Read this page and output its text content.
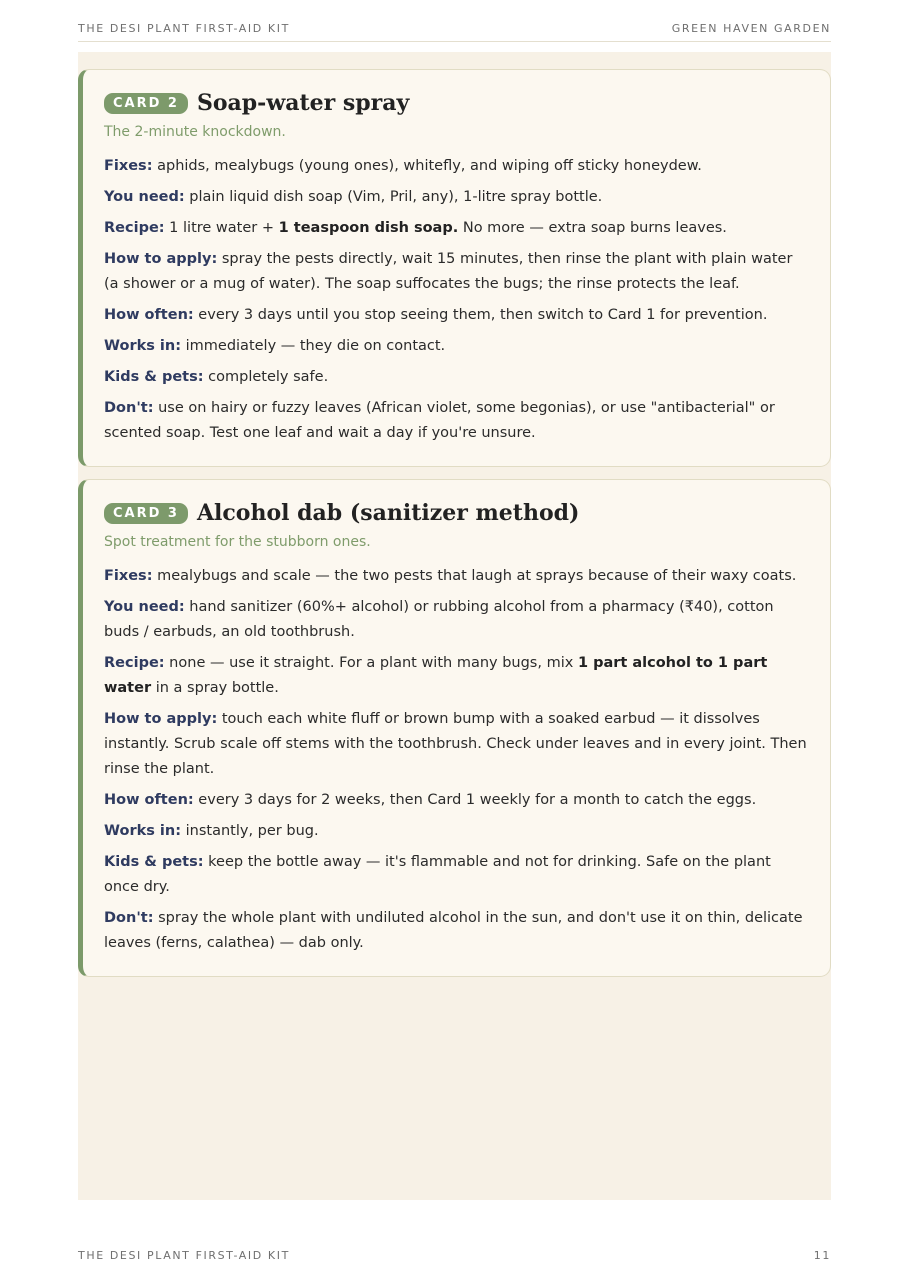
THE DESI PLANT FIRST-AID KIT	GREEN HAVEN GARDEN
CARD 2 Soap-water spray
The 2-minute knockdown.
Fixes: aphids, mealybugs (young ones), whitefly, and wiping off sticky honeydew.
You need: plain liquid dish soap (Vim, Pril, any), 1-litre spray bottle.
Recipe: 1 litre water + 1 teaspoon dish soap. No more — extra soap burns leaves.
How to apply: spray the pests directly, wait 15 minutes, then rinse the plant with plain water (a shower or a mug of water). The soap suffocates the bugs; the rinse protects the leaf.
How often: every 3 days until you stop seeing them, then switch to Card 1 for prevention.
Works in: immediately — they die on contact.
Kids & pets: completely safe.
Don't: use on hairy or fuzzy leaves (African violet, some begonias), or use "antibacterial" or scented soap. Test one leaf and wait a day if you're unsure.
CARD 3 Alcohol dab (sanitizer method)
Spot treatment for the stubborn ones.
Fixes: mealybugs and scale — the two pests that laugh at sprays because of their waxy coats.
You need: hand sanitizer (60%+ alcohol) or rubbing alcohol from a pharmacy (₹40), cotton buds / earbuds, an old toothbrush.
Recipe: none — use it straight. For a plant with many bugs, mix 1 part alcohol to 1 part water in a spray bottle.
How to apply: touch each white fluff or brown bump with a soaked earbud — it dissolves instantly. Scrub scale off stems with the toothbrush. Check under leaves and in every joint. Then rinse the plant.
How often: every 3 days for 2 weeks, then Card 1 weekly for a month to catch the eggs.
Works in: instantly, per bug.
Kids & pets: keep the bottle away — it's flammable and not for drinking. Safe on the plant once dry.
Don't: spray the whole plant with undiluted alcohol in the sun, and don't use it on thin, delicate leaves (ferns, calathea) — dab only.
THE DESI PLANT FIRST-AID KIT	11
